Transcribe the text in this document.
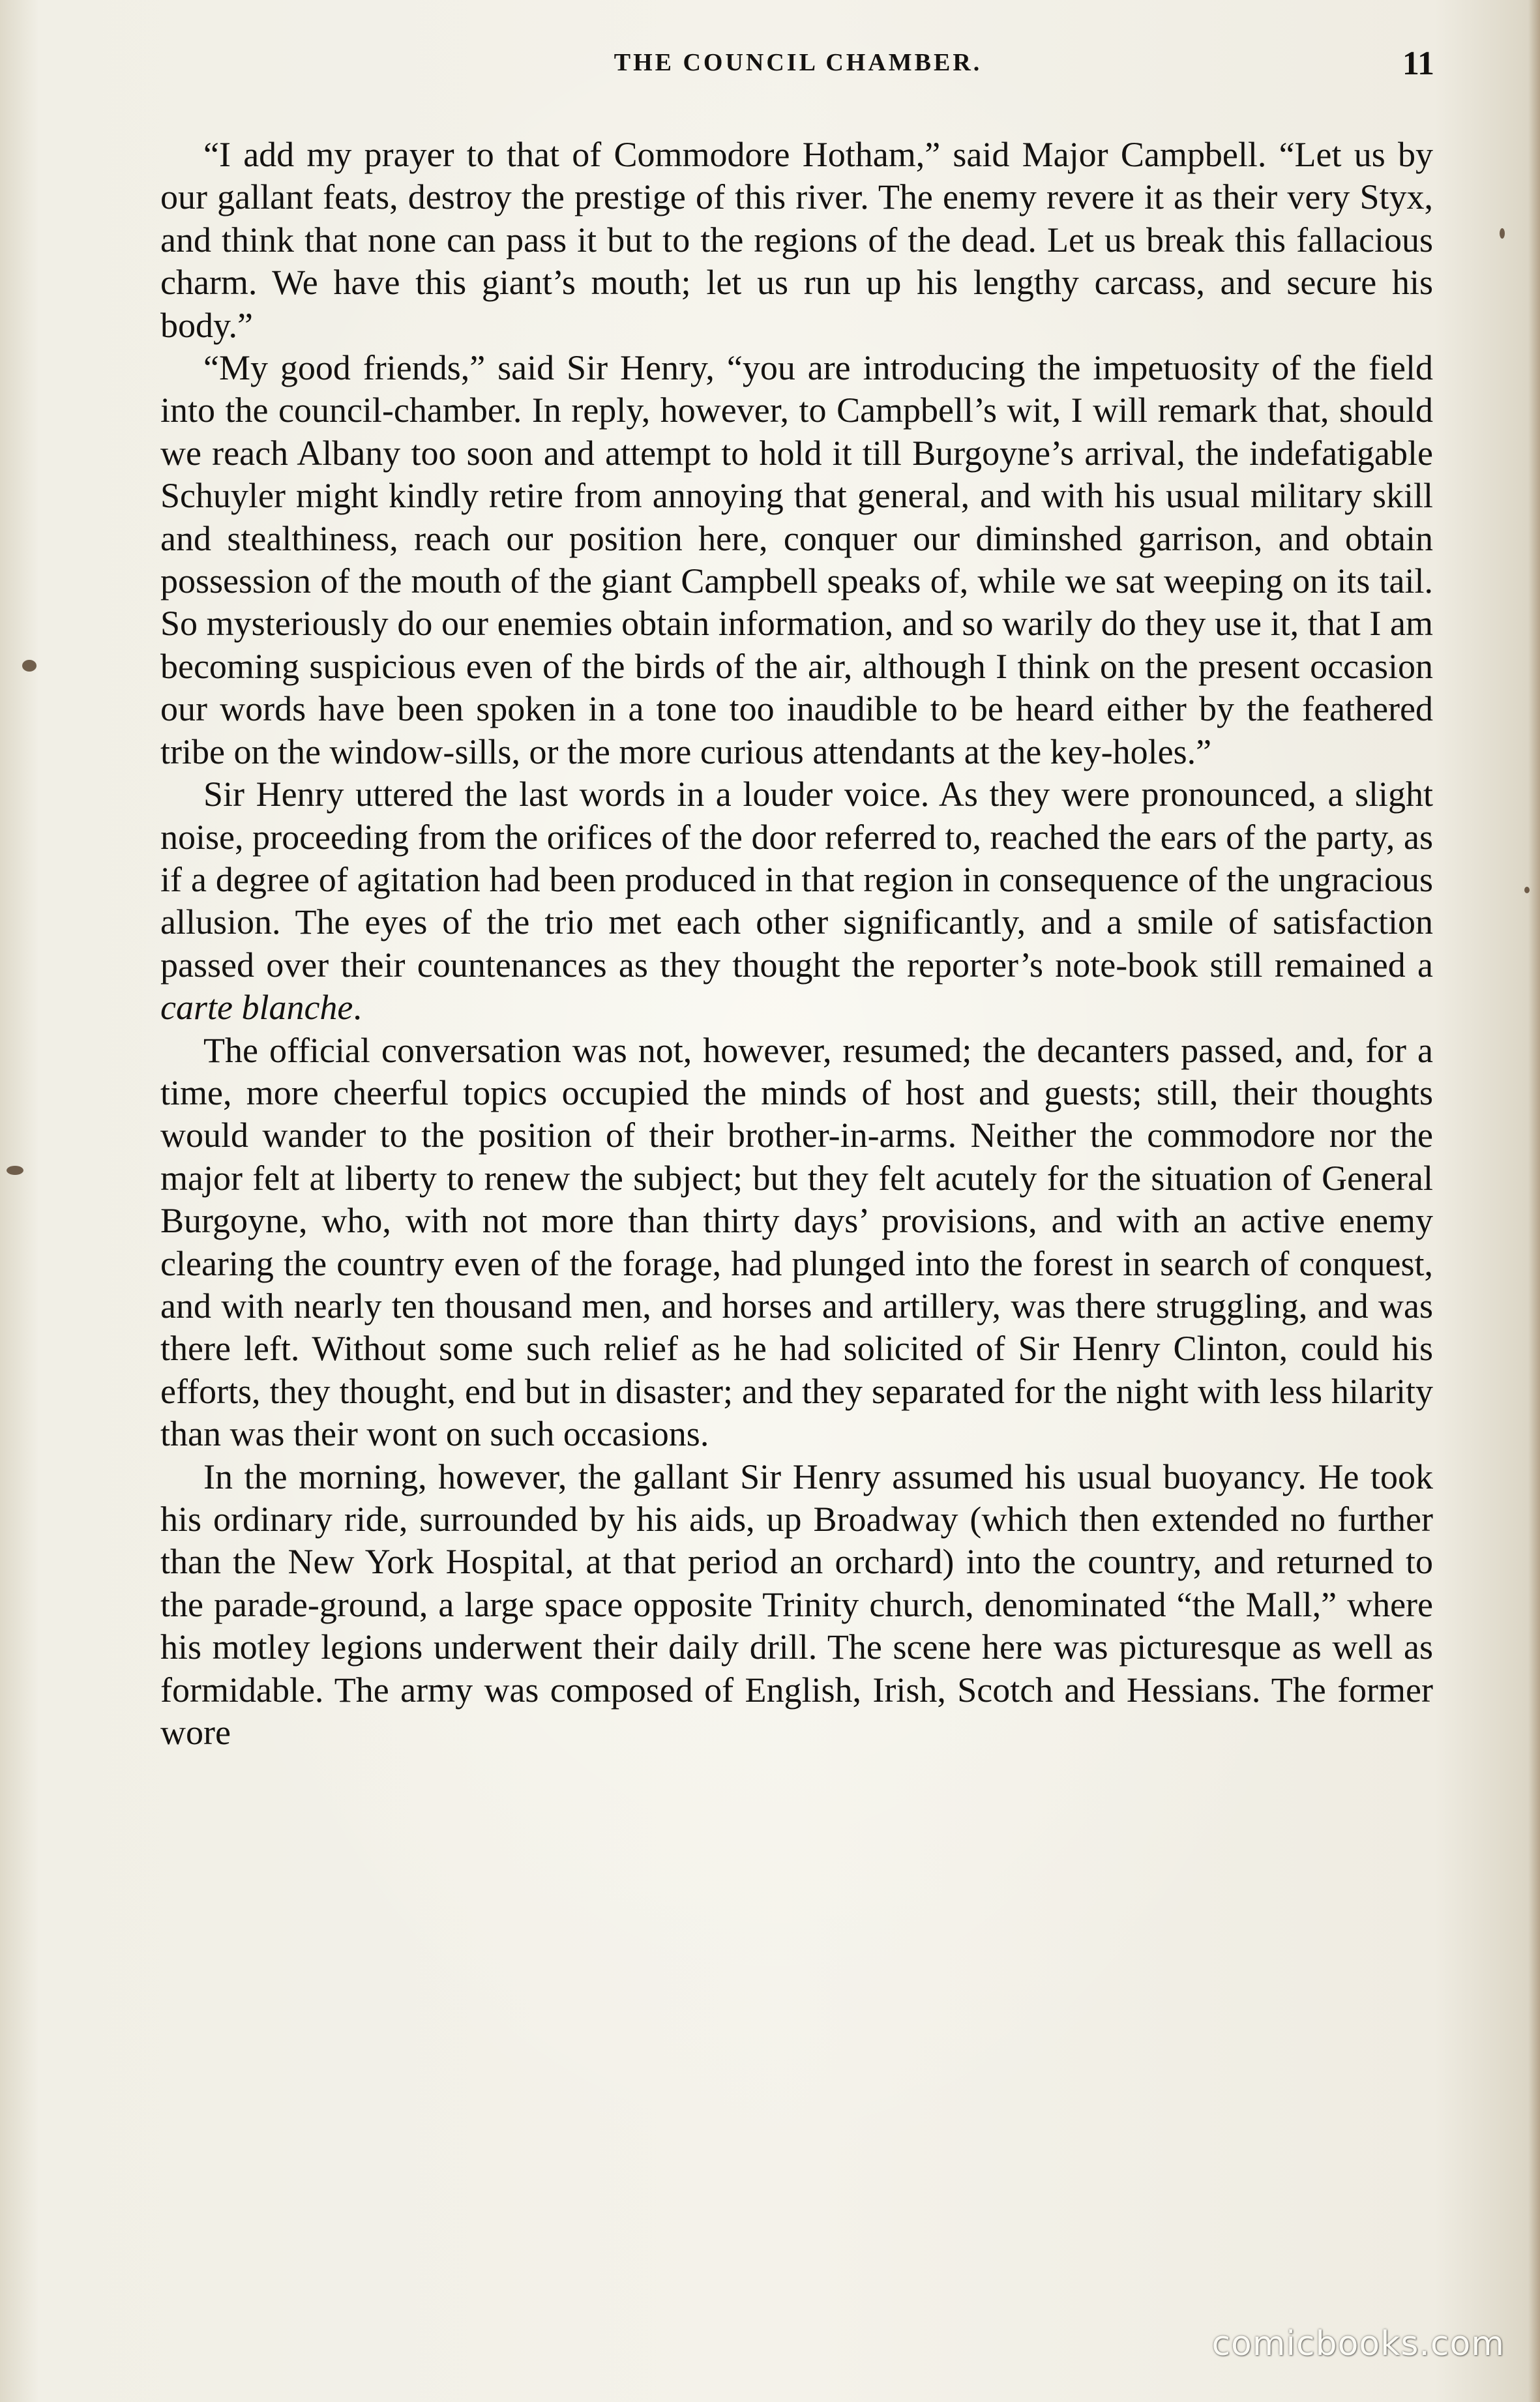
THE COUNCIL CHAMBER.	11

“I add my prayer to that of Commodore Hotham,” said Major Campbell. “Let us by our gallant feats, destroy the prestige of this river. The enemy revere it as their very Styx, and think that none can pass it but to the regions of the dead. Let us break this fallacious charm. We have this giant’s mouth; let us run up his lengthy carcass, and secure his body.”

“My good friends,” said Sir Henry, “you are introducing the impetuosity of the field into the council-chamber. In reply, however, to Campbell’s wit, I will remark that, should we reach Albany too soon and attempt to hold it till Burgoyne’s arrival, the indefatigable Schuyler might kindly retire from annoying that general, and with his usual military skill and stealthiness, reach our position here, conquer our diminshed garrison, and obtain possession of the mouth of the giant Campbell speaks of, while we sat weeping on its tail. So mysteriously do our enemies obtain information, and so warily do they use it, that I am becoming suspicious even of the birds of the air, although I think on the present occasion our words have been spoken in a tone too inaudible to be heard either by the feathered tribe on the window-sills, or the more curious attendants at the key-holes.”

Sir Henry uttered the last words in a louder voice. As they were pronounced, a slight noise, proceeding from the orifices of the door referred to, reached the ears of the party, as if a degree of agitation had been produced in that region in consequence of the ungracious allusion. The eyes of the trio met each other significantly, and a smile of satisfaction passed over their countenances as they thought the reporter’s note-book still remained a carte blanche.

The official conversation was not, however, resumed; the decanters passed, and, for a time, more cheerful topics occupied the minds of host and guests; still, their thoughts would wander to the position of their brother-in-arms. Neither the commodore nor the major felt at liberty to renew the subject; but they felt acutely for the situation of General Burgoyne, who, with not more than thirty days’ provisions, and with an active enemy clearing the country even of the forage, had plunged into the forest in search of conquest, and with nearly ten thousand men, and horses and artillery, was there struggling, and was there left. Without some such relief as he had solicited of Sir Henry Clinton, could his efforts, they thought, end but in disaster; and they separated for the night with less hilarity than was their wont on such occasions.

In the morning, however, the gallant Sir Henry assumed his usual buoyancy. He took his ordinary ride, surrounded by his aids, up Broadway (which then extended no further than the New York Hospital, at that period an orchard) into the country, and returned to the parade-ground, a large space opposite Trinity church, denominated “the Mall,” where his motley legions underwent their daily drill. The scene here was picturesque as well as formidable. The army was composed of English, Irish, Scotch and Hessians. The former wore

comicbooks.com
